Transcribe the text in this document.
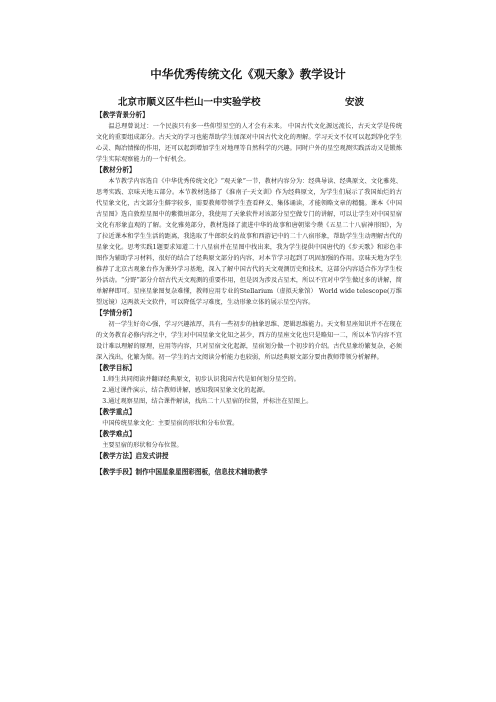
中华优秀传统文化《观天象》教学设计
北京市顺义区牛栏山一中实验学校	安波

【教学背景分析】

温总理曾说过：一个民族只有多一些仰望星空的人才会有未来。 中国古代文化源远流长，古天文学是传统文化的重要组成部分。古天文的学习也能帮助学生加深对中国古代文化的理解。学习天文不仅可以起到净化学生心灵、陶冶情操的作用，还可以起到增加学生对地理等自然科学的兴趣。同时户外的星空观测实践活动又是锻炼学生实际观察能力的一个好机会。

【教材分析】

本节教学内容选自《中华优秀传统文化》“观天象”一节，教材内容分为：经典导读、经典原文、文化雅苑、思考实践、京味天地五部分。本节教材选择了《淮南子·天文训》作为经典原文，为学生们展示了我国灿烂的古代星象文化，古文部分生僻字较多，需要教师带领学生查看释义、集体诵读，才能领略文章的精髓。课本《中国古星图》选自敦煌星图中的紫微垣部分，我使用了天象软件对该部分星空做专门的讲解，可以让学生对中国星宿文化有形象直观的了解。文化雅苑部分，教材选择了流进中华的故事和唐朝梁令瓒《五星二十八宿神形图》，为了拉近课本和学生生活的距离，我选取了牛郎织女的故事和西游记中的二十八宿形象，帮助学生生动理解古代的星象文化。思考实践1题要求知道二十八星宿并在星图中找出来，我为学生提供中国唐代的《步天歌》和彩色非图作为辅助学习材料，很好的结合了经典原文部分的内容，对本节学习起到了巩固加强的作用。京味天地为学生推荐了北京古观象台作为课外学习基地，深入了解中国古代的天文观测历史和技术，这部分内容适合作为学生校外活动。“分野”部分介绍古代天文观测的重要作用，但是因为涉及占星术，所以不宜对中学生做过多的讲解，简单解释即可。星座星象图复杂难懂，教师应用专业的Stellarium（虚拟天象馆） World wide telescope(万维望远镜）这两款天文软件，可以降低学习难度，生动形象立体的展示星空内容。

【学情分析】

初一学生好奇心强，学习兴趣浓厚，具有一些初步的抽象思维、逻辑思维能力。天文和星座知识并不在现在的文务教育必修内容之中，学生对中国星象文化知之甚少，西方的星座文化也只是略知一二，所以本节内容不宜设计难以理解的原理，应用等内容，只对星宿文化起源，星宿划分做一个初步的介绍。古代星象纷繁复杂，必须深入浅出，化繁为简。初一学生的古文阅读分析能力也较弱，所以经典原文部分要由教师带领分析解释。

【教学目标】

1.师生共同阅读并翻译经典原文，初步认识我国古代是如何划分星空的。

2.通过课件演示，结合教师讲解，感知我国星象文化的起源。

3.通过观察星图，结合课件解读，找出二十八星宿的位置，并标注在星图上。

【教学重点】

中国传统星象文化：主要星宿的形状和分布位置。

【教学难点】

主要星宿的形状和分布位置。

【教学方法】启发式讲授

【教学手段】制作中国星象星图彩图板，信息技术辅助教学
